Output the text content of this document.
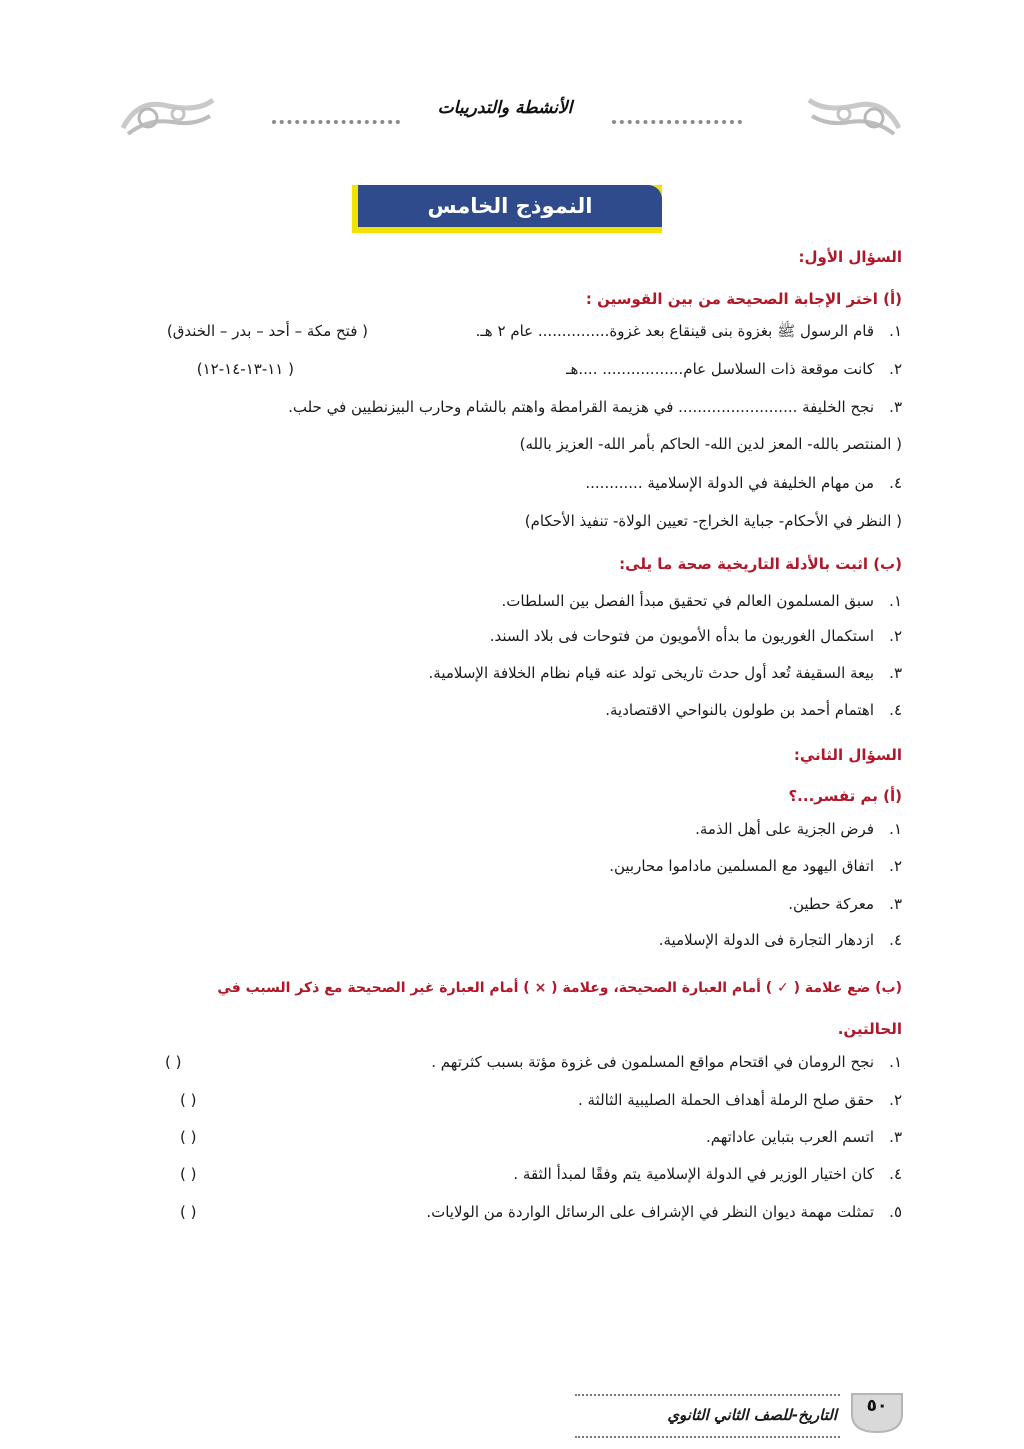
الأنشطة والتدريبات
النموذج الخامس
السؤال الأول:
(أ) اختر الإجابة الصحيحة من بين القوسين :
١.قام الرسول ﷺ بغزوة بنى قينقاع بعد غزوة............... عام ٢ هـ.
( فتح مكة – أحد – بدر – الخندق)
٢.كانت موقعة ذات السلاسل عام................. ....هـ
( ١١-١٣-١٤-١٢)
٣.نجح الخليفة ......................... في هزيمة القرامطة واهتم بالشام وحارب البيزنطيين في حلب.
( المنتصر بالله- المعز لدين الله- الحاكم بأمر الله- العزيز بالله)
٤.من مهام الخليفة في الدولة الإسلامية ............
( النظر في الأحكام- جباية الخراج- تعيين الولاة- تنفيذ الأحكام)
(ب) اثبت بالأدلة التاريخية صحة ما يلى:
١.سبق المسلمون العالم في تحقيق مبدأ الفصل بين السلطات.
٢.استكمال الغوريون ما بدأه الأمويون من فتوحات فى بلاد السند.
٣.بيعة السقيفة تُعد أول حدث تاريخى تولد عنه قيام نظام الخلافة الإسلامية.
٤.اهتمام أحمد بن طولون بالنواحي الاقتصادية.
السؤال الثاني:
(أ) بم تفسر...؟
١.فرض الجزية على أهل الذمة.
٢.اتفاق اليهود مع المسلمين ماداموا محاربين.
٣.معركة حطين.
٤.ازدهار التجارة فى الدولة الإسلامية.
(ب) ضع علامة ( ✓ ) أمام العبارة الصحيحة، وعلامة ( × ) أمام العبارة غير الصحيحة مع ذكر السبب في
الحالتين.
١.نجح الرومان في اقتحام مواقع المسلمون فى غزوة مؤتة بسبب كثرتهم .
( )
٢.حقق صلح الرملة أهداف الحملة الصليبية الثالثة .
( )
٣.اتسم العرب بتباين عاداتهم.
( )
٤.كان اختيار الوزير في الدولة الإسلامية يتم وفقًا لمبدأ الثقة .
( )
٥.تمثلت مهمة ديوان النظر في الإشراف على الرسائل الواردة من الولايات.
( )
التاريخ-للصف الثاني الثانوي	٥٠
